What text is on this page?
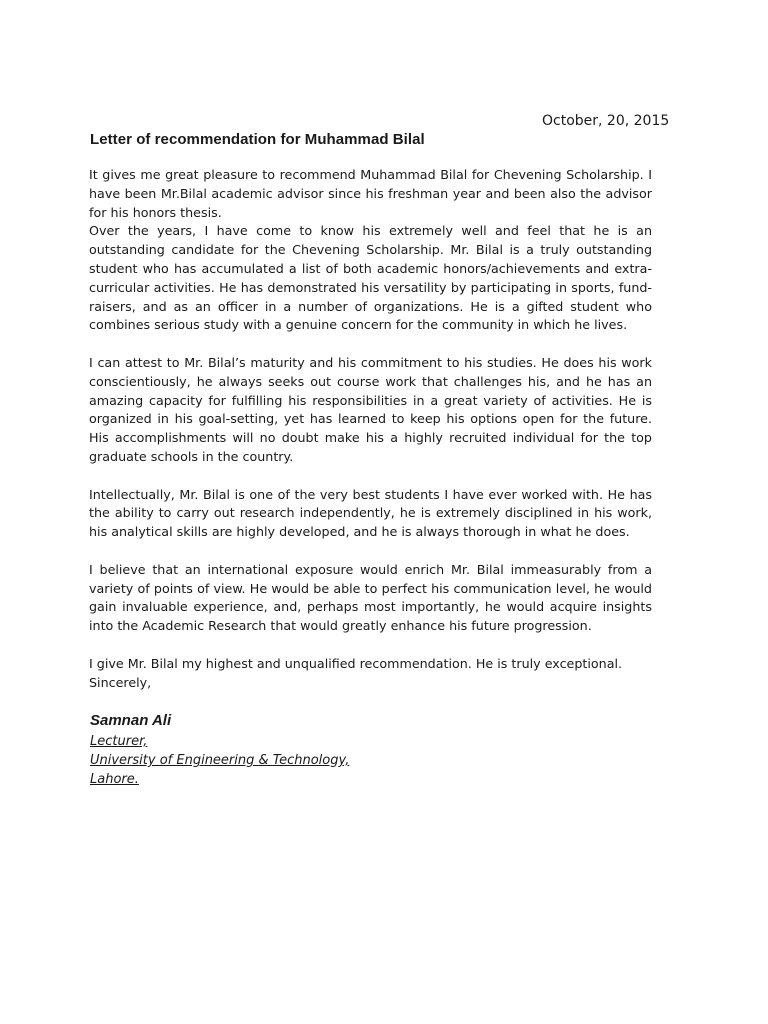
October, 20, 2015
Letter of recommendation for Muhammad Bilal

It gives me great pleasure to recommend Muhammad Bilal for Chevening Scholarship. I have been Mr.Bilal academic advisor since his freshman year and been also the advisor for his honors thesis.

Over the years, I have come to know his extremely well and feel that he is an outstanding candidate for the Chevening Scholarship. Mr. Bilal is a truly outstanding student who has accumulated a list of both academic honors/achievements and extra-curricular activities. He has demonstrated his versatility by participating in sports, fund-raisers, and as an officer in a number of organizations. He is a gifted student who combines serious study with a genuine concern for the community in which he lives.

I can attest to Mr. Bilal’s maturity and his commitment to his studies. He does his work conscientiously, he always seeks out course work that challenges his, and he has an amazing capacity for fulfilling his responsibilities in a great variety of activities. He is organized in his goal-setting, yet has learned to keep his options open for the future. His accomplishments will no doubt make his a highly recruited individual for the top graduate schools in the country.

Intellectually, Mr. Bilal is one of the very best students I have ever worked with. He has the ability to carry out research independently, he is extremely disciplined in his work, his analytical skills are highly developed, and he is always thorough in what he does.

I believe that an international exposure would enrich Mr. Bilal immeasurably from a variety of points of view. He would be able to perfect his communication level, he would gain invaluable experience, and, perhaps most importantly, he would acquire insights into the Academic Research that would greatly enhance his future progression.

I give Mr. Bilal my highest and unqualified recommendation. He is truly exceptional.

Sincerely,

Samnan Ali

Lecturer,

University of Engineering & Technology,

Lahore.
